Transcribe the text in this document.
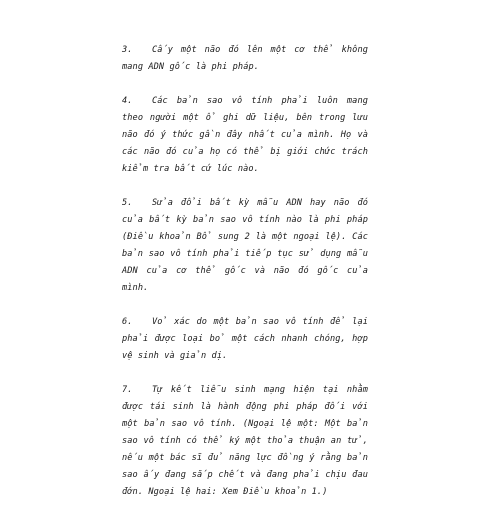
3. Cấy một não đó lên một cơ thể không mang ADN gốc là phi pháp.

4. Các bản sao vô tính phải luôn mang theo người một ổ ghi dữ liệu, bên trong lưu não đó ý thức gần đây nhất của mình. Họ và các não đó của họ có thể bị giới chức trách kiểm tra bất cứ lúc nào.

5. Sửa đổi bất kỳ mẫu ADN hay não đó của bất kỳ bản sao vô tính nào là phi pháp (Điều khoản Bổ sung 2 là một ngoại lệ). Các bản sao vô tính phải tiếp tục sử dụng mẫu ADN của cơ thể gốc và não đó gốc của mình.

6. Vỏ xác do một bản sao vô tính để lại phải được loại bỏ một cách nhanh chóng, hợp vệ sinh và giản dị.

7. Tự kết liễu sinh mạng hiện tại nhằm được tái sinh là hành động phi pháp đối với một bản sao vô tính. (Ngoại lệ một: Một bản sao vô tính có thể ký một thỏa thuận an tử, nếu một bác sĩ đủ năng lực đồng ý rằng bản sao ấy đang sắp chết và đang phải chịu đau đớn. Ngoại lệ hai: Xem Điều khoản 1.)
